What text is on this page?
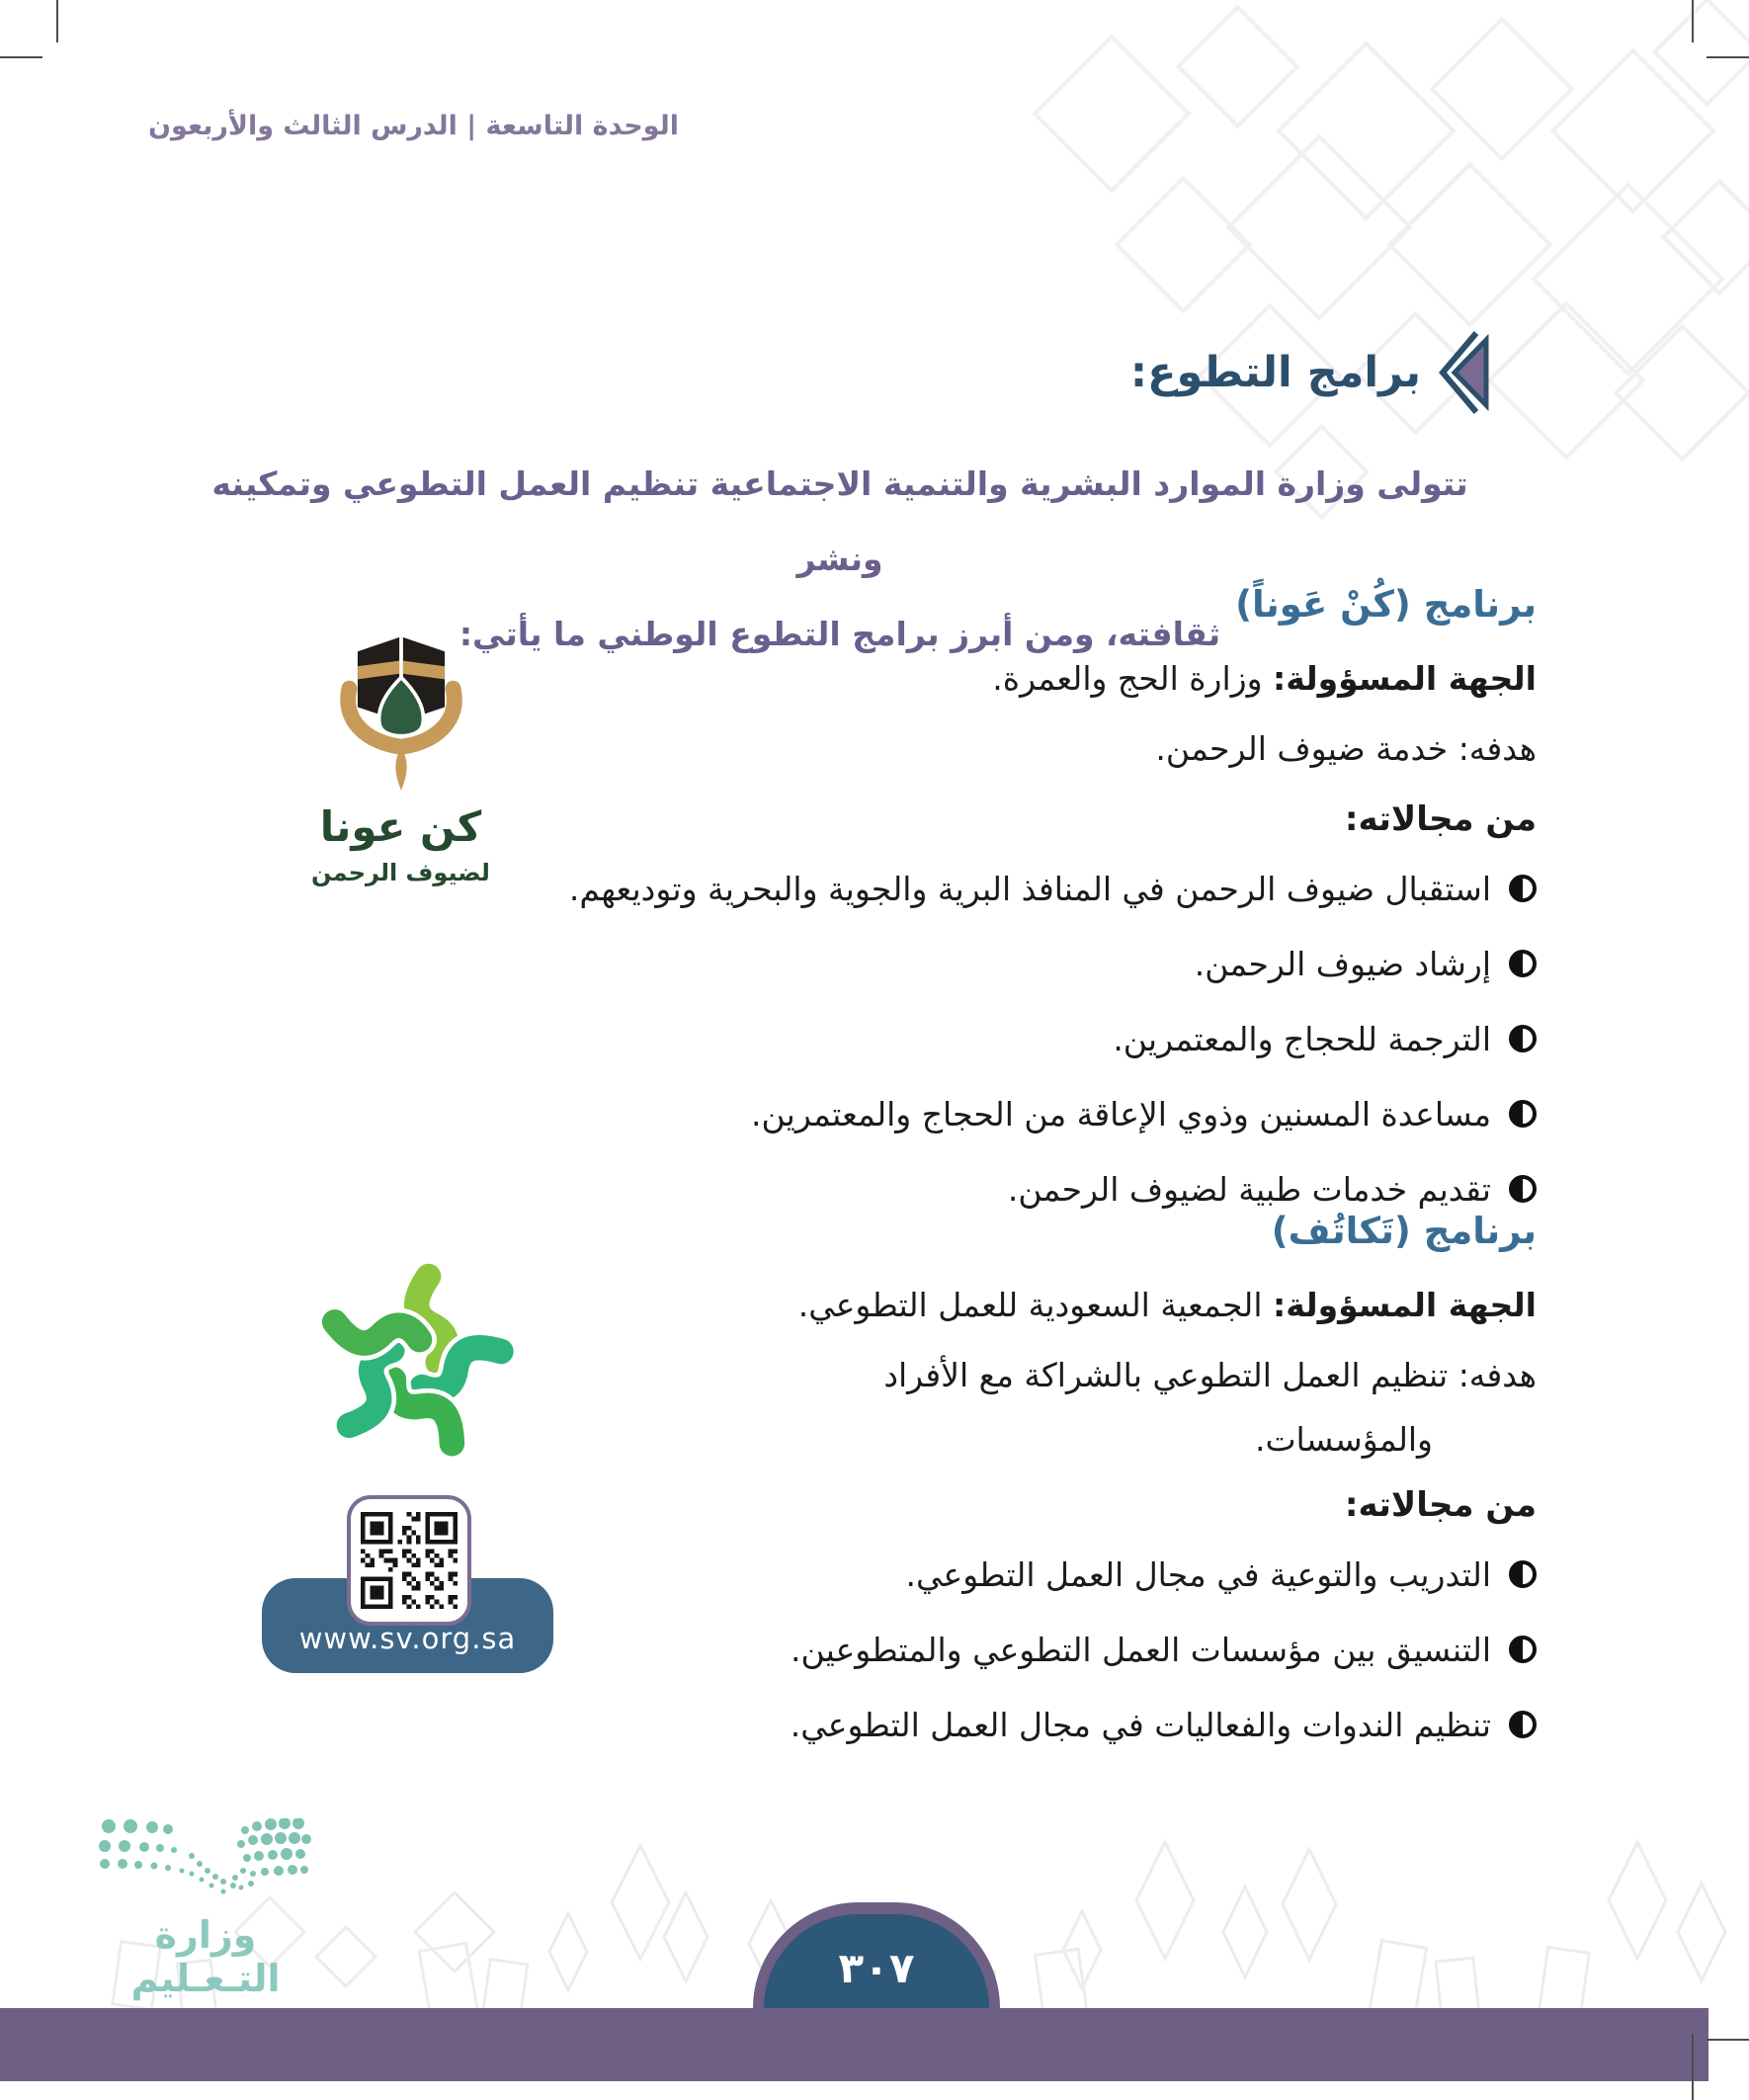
الوحدة التاسعة | الدرس الثالث والأربعون
برامج التطوع:
تتولى وزارة الموارد البشرية والتنمية الاجتماعية تنظيم العمل التطوعي وتمكينه ونشر
ثقافته، ومن أبرز برامج التطوع الوطني ما يأتي:
برنامج (كُنْ عَوناً)
الجهة المسؤولة: وزارة الحج والعمرة.
هدفه: خدمة ضيوف الرحمن.
من مجالاته:
استقبال ضيوف الرحمن في المنافذ البرية والجوية والبحرية وتوديعهم.
إرشاد ضيوف الرحمن.
الترجمة للحجاج والمعتمرين.
مساعدة المسنين وذوي الإعاقة من الحجاج والمعتمرين.
تقديم خدمات طبية لضيوف الرحمن.
كن عونا
لضيوف الرحمن
برنامج (تَكاتُف)
الجهة المسؤولة: الجمعية السعودية للعمل التطوعي.
هدفه: تنظيم العمل التطوعي بالشراكة مع الأفراد
والمؤسسات.
من مجالاته:
التدريب والتوعية في مجال العمل التطوعي.
التنسيق بين مؤسسات العمل التطوعي والمتطوعين.
تنظيم الندوات والفعاليات في مجال العمل التطوعي.
www.sv.org.sa
وزارة التـعـليم	٣٠٧
